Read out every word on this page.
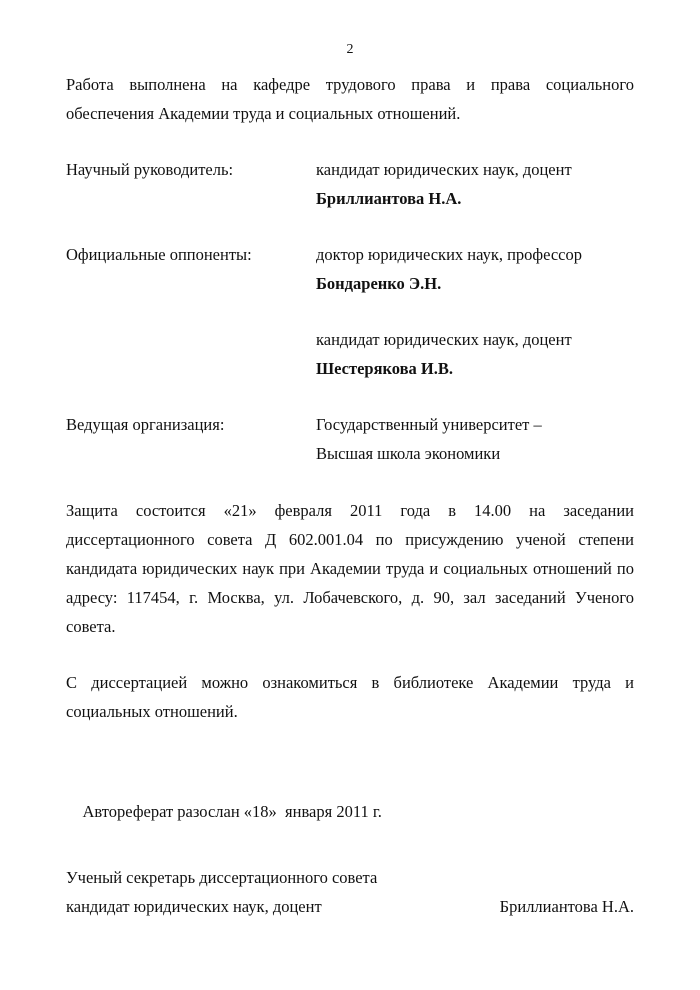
2
Работа выполнена на кафедре трудового права и права социального
обеспечения Академии труда и социальных отношений.
Научный руководитель:	кандидат юридических наук, доцент
Бриллиантова Н.А.
Официальные оппоненты:	доктор юридических наук, профессор
Бондаренко Э.Н.
кандидат юридических наук, доцент
Шестерякова И.В.
Ведущая организация:	Государственный университет –
Высшая школа экономики
Защита состоится «21» февраля 2011 года в 14.00 на заседании
диссертационного совета Д 602.001.04 по присуждению ученой степени
кандидата юридических наук при Академии труда и социальных отношений по
адресу: 117454, г. Москва, ул. Лобачевского, д. 90, зал заседаний Ученого
совета.
С диссертацией можно ознакомиться в библиотеке Академии труда и
социальных отношений.

Автореферат разослан «18»  января 2011 г.

Ученый секретарь диссертационного совета
кандидат юридических наук, доцент	Бриллиантова Н.А.
